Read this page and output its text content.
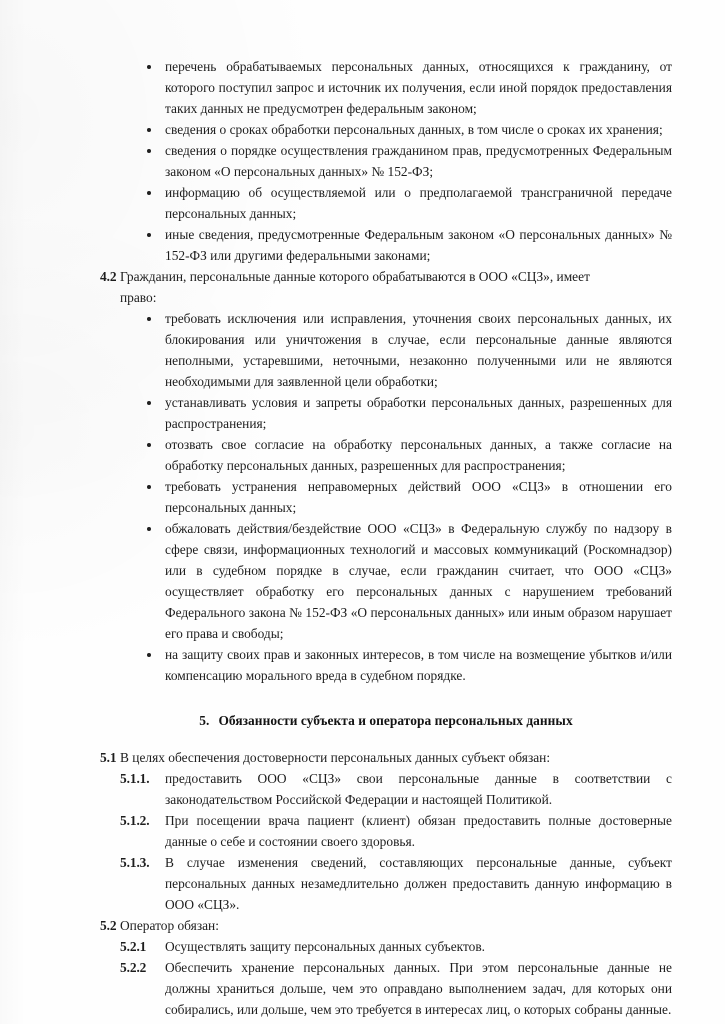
перечень обрабатываемых персональных данных, относящихся к гражданину, от которого поступил запрос и источник их получения, если иной порядок предоставления таких данных не предусмотрен федеральным законом;
сведения о сроках обработки персональных данных, в том числе о сроках их хранения;
сведения о порядке осуществления гражданином прав, предусмотренных Федеральным законом «О персональных данных» № 152-ФЗ;
информацию об осуществляемой или о предполагаемой трансграничной передаче персональных данных;
иные сведения, предусмотренные Федеральным законом «О персональных данных» № 152-ФЗ или другими федеральными законами;
4.2 Гражданин, персональные данные которого обрабатываются в ООО «СЦЗ», имеет
право:
требовать исключения или исправления, уточнения своих персональных данных, их блокирования или уничтожения в случае, если персональные данные являются неполными, устаревшими, неточными, незаконно полученными или не являются необходимыми для заявленной цели обработки;
устанавливать условия и запреты обработки персональных данных, разрешенных для распространения;
отозвать свое согласие на обработку персональных данных, а также согласие на обработку персональных данных, разрешенных для распространения;
требовать устранения неправомерных действий ООО «СЦЗ» в отношении его персональных данных;
обжаловать действия/бездействие ООО «СЦЗ» в Федеральную службу по надзору в сфере связи, информационных технологий и массовых коммуникаций (Роскомнадзор) или в судебном порядке в случае, если гражданин считает, что ООО «СЦЗ» осуществляет обработку его персональных данных с нарушением требований Федерального закона № 152-ФЗ «О персональных данных» или иным образом нарушает его права и свободы;
на защиту своих прав и законных интересов, в том числе на возмещение убытков и/или компенсацию морального вреда в судебном порядке.
5. Обязанности субъекта и оператора персональных данных
5.1 В целях обеспечения достоверности персональных данных субъект обязан:
5.1.1. предоставить ООО «СЦЗ» свои персональные данные в соответствии с законодательством Российской Федерации и настоящей Политикой.
5.1.2. При посещении врача пациент (клиент) обязан предоставить полные достоверные данные о себе и состоянии своего здоровья.
5.1.3. В случае изменения сведений, составляющих персональные данные, субъект персональных данных незамедлительно должен предоставить данную информацию в ООО «СЦЗ».
5.2 Оператор обязан:
5.2.1 Осуществлять защиту персональных данных субъектов.
5.2.2 Обеспечить хранение персональных данных. При этом персональные данные не должны храниться дольше, чем это оправдано выполнением задач, для которых они собирались, или дольше, чем это требуется в интересах лиц, о которых собраны данные.
